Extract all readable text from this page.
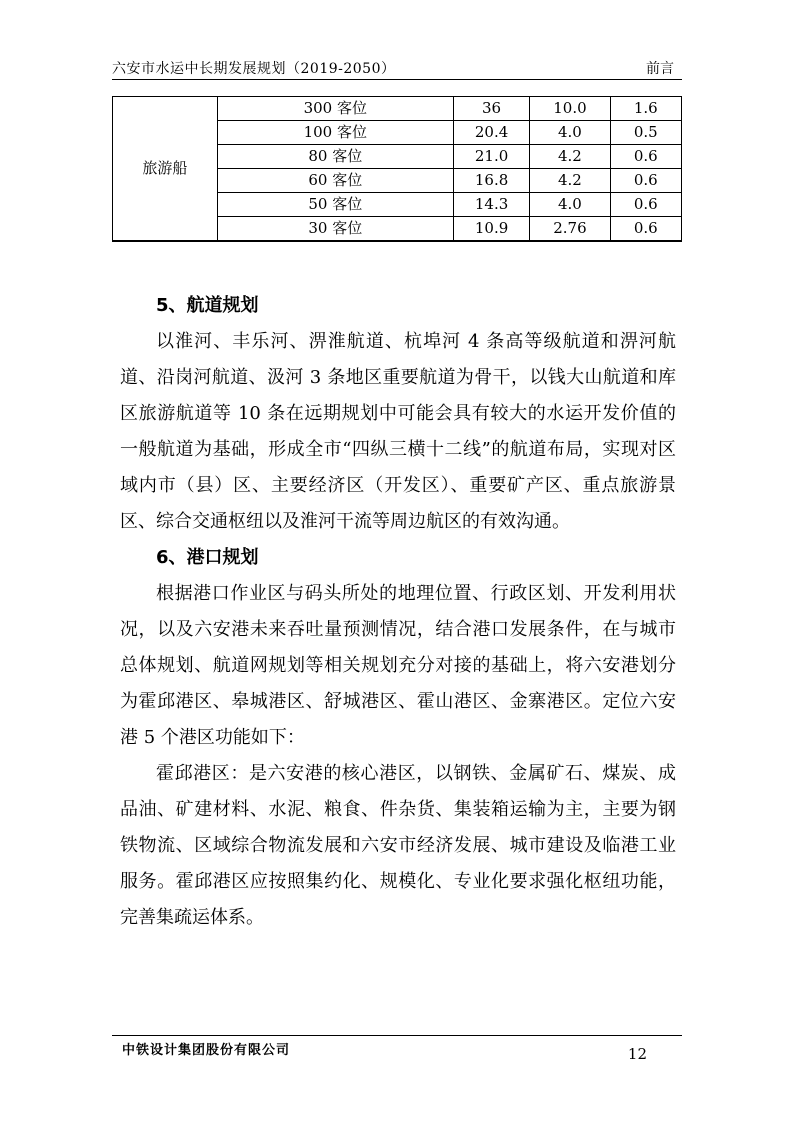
六安市水运中长期发展规划（2019-2050）	前言
旅游船	300 客位	36	10.0	1.6
	100 客位	20.4	4.0	0.5
	80 客位	21.0	4.2	0.6
	60 客位	16.8	4.2	0.6
	50 客位	14.3	4.0	0.6
	30 客位	10.9	2.76	0.6
5、航道规划

以淮河、丰乐河、淠淮航道、杭埠河 4 条高等级航道和淠河航道、沿岗河航道、汲河 3 条地区重要航道为骨干，以钱大山航道和库区旅游航道等 10 条在远期规划中可能会具有较大的水运开发价值的一般航道为基础，形成全市“四纵三横十二线”的航道布局，实现对区域内市（县）区、主要经济区（开发区）、重要矿产区、重点旅游景区、综合交通枢纽以及淮河干流等周边航区的有效沟通。

6、港口规划

根据港口作业区与码头所处的地理位置、行政区划、开发利用状况，以及六安港未来吞吐量预测情况，结合港口发展条件，在与城市总体规划、航道网规划等相关规划充分对接的基础上，将六安港划分为霍邱港区、皋城港区、舒城港区、霍山港区、金寨港区。定位六安港 5 个港区功能如下：

霍邱港区：是六安港的核心港区，以钢铁、金属矿石、煤炭、成品油、矿建材料、水泥、粮食、件杂货、集装箱运输为主，主要为钢铁物流、区域综合物流发展和六安市经济发展、城市建设及临港工业服务。霍邱港区应按照集约化、规模化、专业化要求强化枢纽功能，完善集疏运体系。

中铁设计集团股份有限公司	12
